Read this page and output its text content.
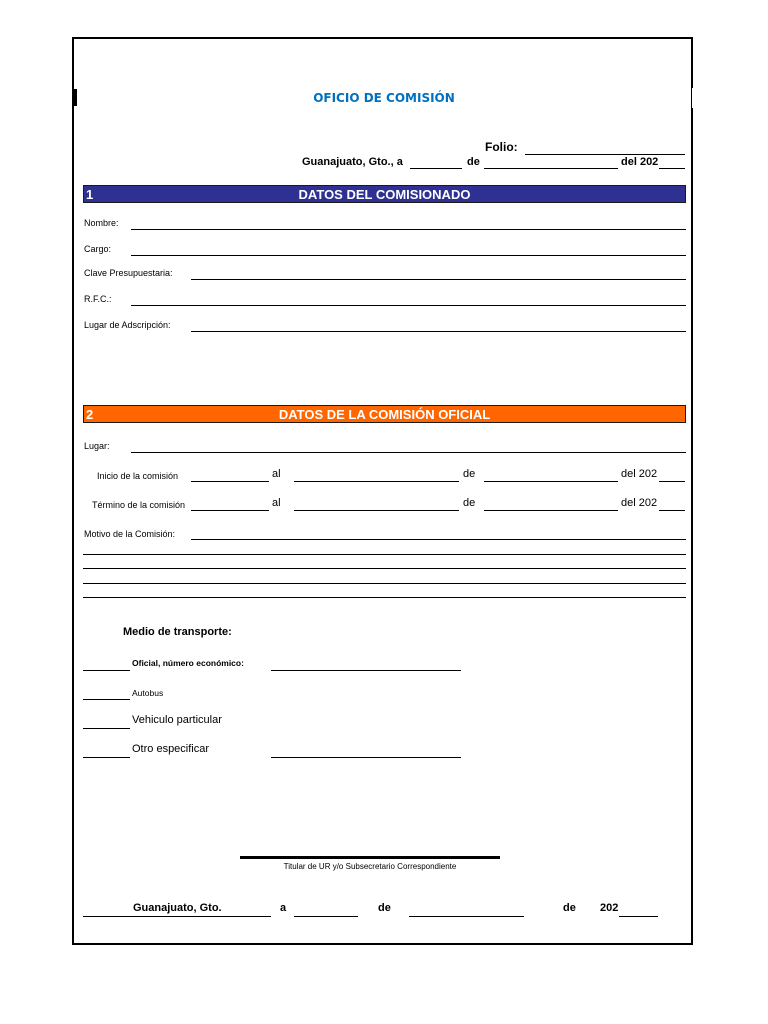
OFICIO DE COMISIÓN
Folio:
Guanajuato, Gto., a	de	del 202
1	DATOS DEL COMISIONADO
Nombre:
Cargo:
Clave Presupuestaria:
R.F.C.:
Lugar de Adscripción:
2	DATOS DE LA COMISIÓN OFICIAL
Lugar:
Inicio de la comisión	al	de	del 202
Término de la comisión	al	de	del 202
Motivo de la Comisión:
Medio de transporte:
Oficial, número económico:
Autobus
Vehiculo particular
Otro especificar
Titular de UR y/o Subsecretario Correspondiente
Guanajuato, Gto.	a	de	de 202
